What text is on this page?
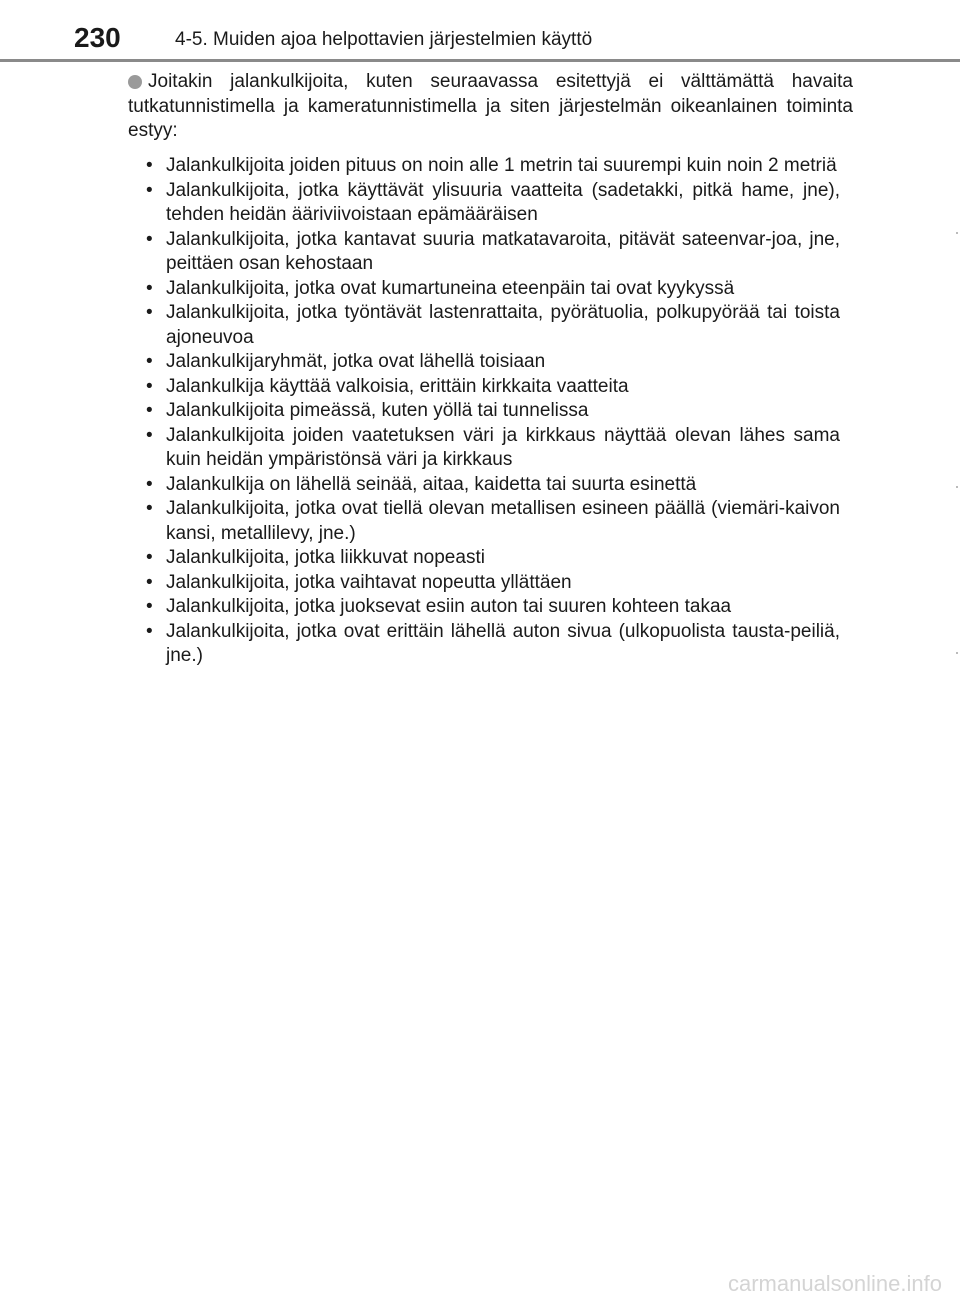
230	4-5. Muiden ajoa helpottavien järjestelmien käyttö

Joitakin jalankulkijoita, kuten seuraavassa esitettyjä ei välttämättä havaita tutkatunnistimella ja kameratunnistimella ja siten järjestelmän oikeanlainen toiminta estyy:

• Jalankulkijoita joiden pituus on noin alle 1 metrin tai suurempi kuin noin 2 metriä
• Jalankulkijoita, jotka käyttävät ylisuuria vaatteita (sadetakki, pitkä hame, jne), tehden heidän ääriviivoistaan epämääräisen
• Jalankulkijoita, jotka kantavat suuria matkatavaroita, pitävät sateenvar-joa, jne, peittäen osan kehostaan
• Jalankulkijoita, jotka ovat kumartuneina eteenpäin tai ovat kyykyssä
• Jalankulkijoita, jotka työntävät lastenrattaita, pyörätuolia, polkupyörää tai toista ajoneuvoa
• Jalankulkijaryhmät, jotka ovat lähellä toisiaan
• Jalankulkija käyttää valkoisia, erittäin kirkkaita vaatteita
• Jalankulkijoita pimeässä, kuten yöllä tai tunnelissa
• Jalankulkijoita joiden vaatetuksen väri ja kirkkaus näyttää olevan lähes sama kuin heidän ympäristönsä väri ja kirkkaus
• Jalankulkija on lähellä seinää, aitaa, kaidetta tai suurta esinettä
• Jalankulkijoita, jotka ovat tiellä olevan metallisen esineen päällä (viemäri-kaivon kansi, metallilevy, jne.)
• Jalankulkijoita, jotka liikkuvat nopeasti
• Jalankulkijoita, jotka vaihtavat nopeutta yllättäen
• Jalankulkijoita, jotka juoksevat esiin auton tai suuren kohteen takaa
• Jalankulkijoita, jotka ovat erittäin lähellä auton sivua (ulkopuolista tausta-peiliä, jne.)
carmanualsonline.info
